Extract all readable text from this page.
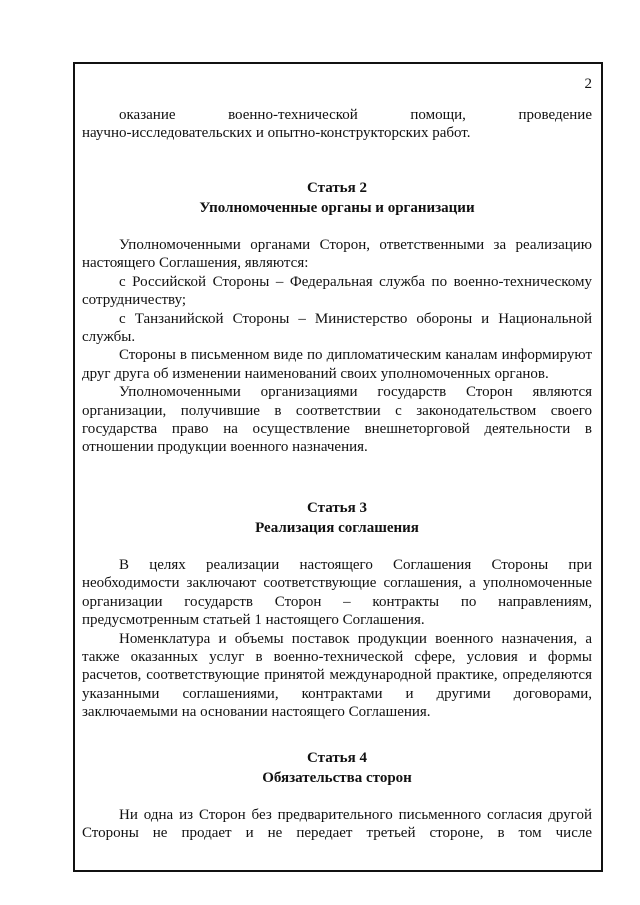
2

оказание военно-технической помощи, проведение

научно-исследовательских и опытно-конструкторских работ.

Статья 2
Уполномоченные органы и организации

Уполномоченными органами Сторон, ответственными за реализацию настоящего Соглашения, являются:

с Российской Стороны – Федеральная служба по военно-техническому сотрудничеству;

с Танзанийской Стороны – Министерство обороны и Национальной службы.

Стороны в письменном виде по дипломатическим каналам информируют друг друга об изменении наименований своих уполномоченных органов.

Уполномоченными организациями государств Сторон являются организации, получившие в соответствии с законодательством своего государства право на осуществление внешнеторговой деятельности в отношении продукции военного назначения.

Статья 3
Реализация соглашения

В целях реализации настоящего Соглашения Стороны при необходимости заключают соответствующие соглашения, а уполномоченные организации государств Сторон – контракты по направлениям, предусмотренным статьей 1 настоящего Соглашения.

Номенклатура и объемы поставок продукции военного назначения, а также оказанных услуг в военно-технической сфере, условия и формы расчетов, соответствующие принятой международной практике, определяются указанными соглашениями, контрактами и другими договорами, заключаемыми на основании настоящего Соглашения.

Статья 4
Обязательства сторон

Ни одна из Сторон без предварительного письменного согласия другой Стороны не продает и не передает третьей стороне, в том числе
